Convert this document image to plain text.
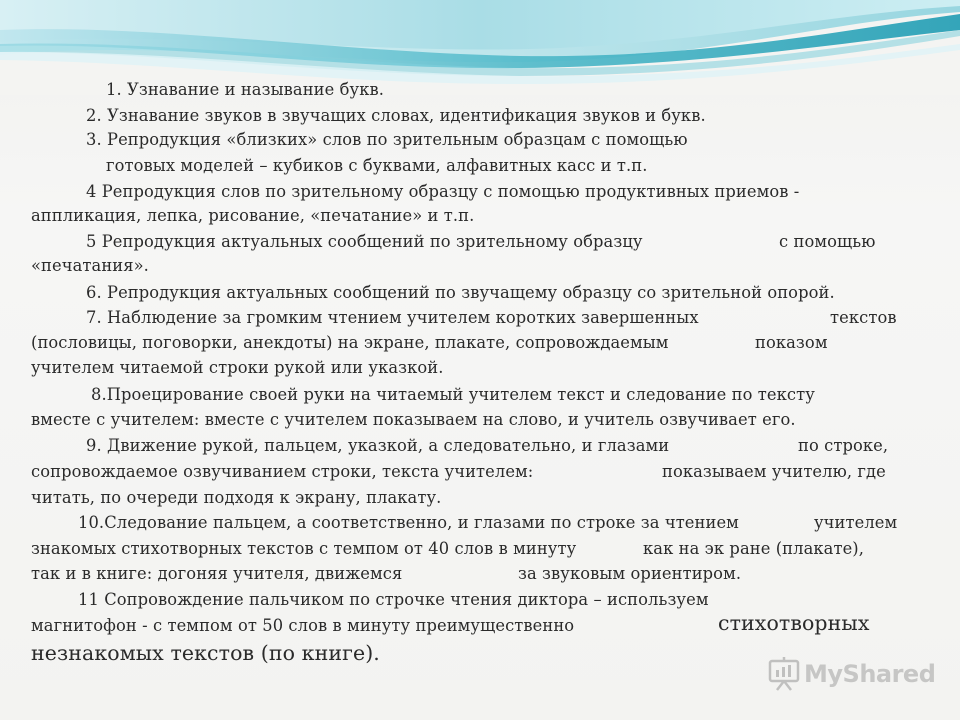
1. Узнавание и называние букв.
2. Узнавание звуков в звучащих словах, идентификация звуков и букв.
3. Репродукция «близких» слов по зрительным образцам с помощью
готовых моделей – кубиков с буквами, алфавитных касс и т.п.
4 Репродукция слов по зрительному образцу с помощью продуктивных приемов -
аппликация, лепка, рисование, «печатание» и т.п.
5 Репродукция актуальных сообщений по зрительному образцу	с помощью
«печатания».
6. Репродукция актуальных сообщений по звучащему образцу со зрительной опорой.
7. Наблюдение за громким чтением учителем коротких завершенных	текстов
(пословицы, поговорки, анекдоты) на экране, плакате, сопровождаемым	показом
учителем читаемой строки рукой или указкой.
8.Проецирование своей руки на читаемый учителем текст и следование по тексту
вместе с учителем: вместе с учителем показываем на слово, и учитель озвучивает его.
9. Движение рукой, пальцем, указкой, а следовательно, и глазами	по строке,
сопровождаемое озвучиванием строки, текста учителем:	показываем учителю, где
читать, по очереди подходя к экрану, плакату.
10.Следование пальцем, а соответственно, и глазами по строке за чтением	учителем
знакомых стихотворных текстов с темпом от 40 слов в минуту	как на эк ране (плакате),
так и в книге: догоняя учителя, движемся	за звуковым ориентиром.
11 Сопровождение пальчиком по строчке чтения диктора – используем
магнитофон - с темпом от 50 слов в минуту преимущественно	стихотворных
незнакомых текстов (по книге).
MyShared
